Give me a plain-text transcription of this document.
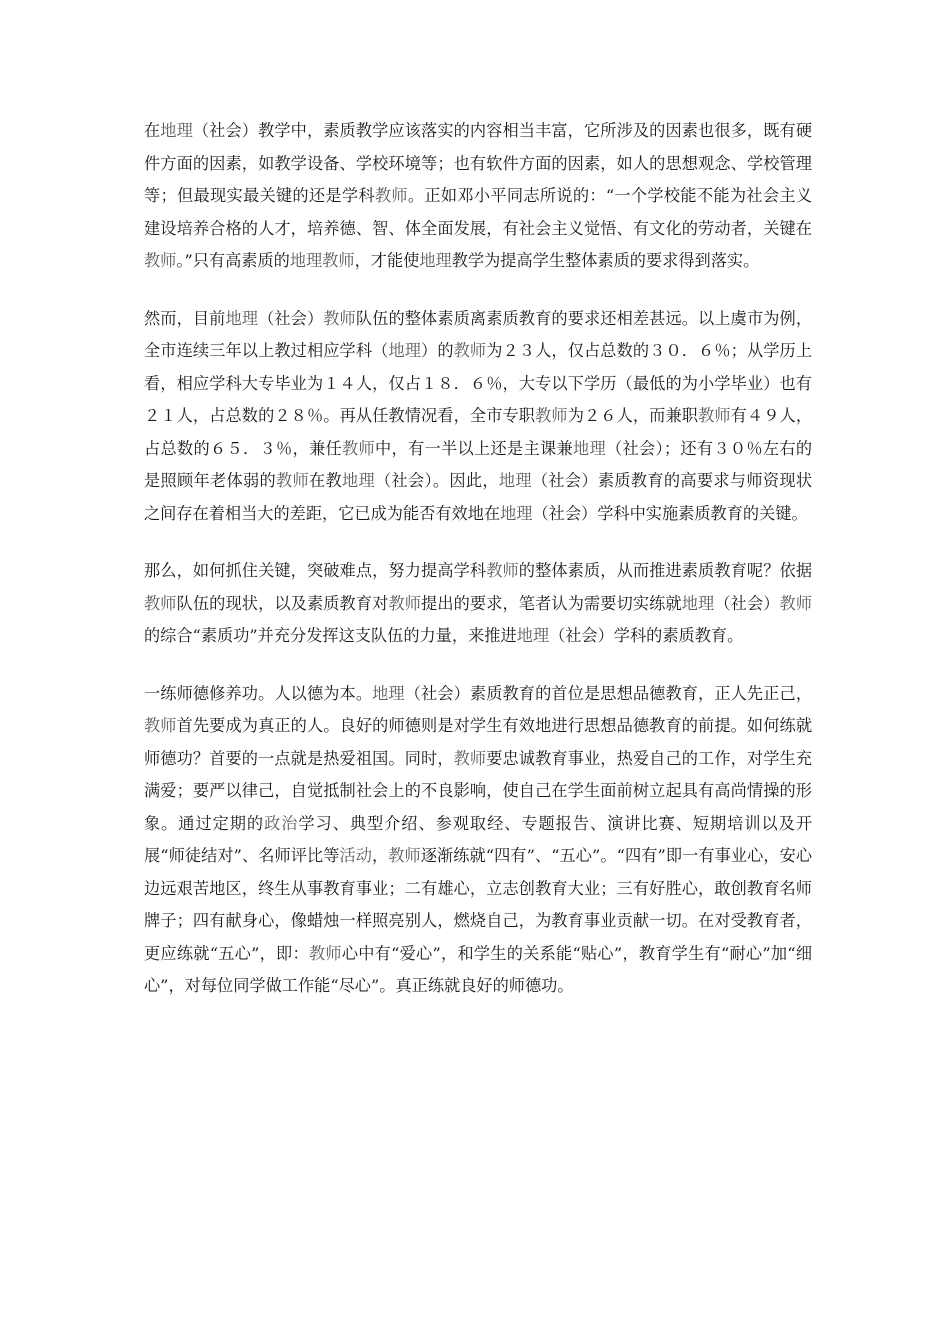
在地理（社会）教学中，素质教学应该落实的内容相当丰富，它所涉及的因素也很多，既有硬件方面的因素，如教学设备、学校环境等；也有软件方面的因素，如人的思想观念、学校管理等；但最现实最关键的还是学科教师。正如邓小平同志所说的：“一个学校能不能为社会主义建设培养合格的人才，培养德、智、体全面发展，有社会主义觉悟、有文化的劳动者，关键在教师。”只有高素质的地理教师，才能使地理教学为提高学生整体素质的要求得到落实。

然而，目前地理（社会）教师队伍的整体素质离素质教育的要求还相差甚远。以上虞市为例，全市连续三年以上教过相应学科（地理）的教师为２３人，仅占总数的３０．６％；从学历上看，相应学科大专毕业为１４人，仅占１８．６％，大专以下学历（最低的为小学毕业）也有２１人，占总数的２８％。再从任教情况看，全市专职教师为２６人，而兼职教师有４９人，占总数的６５．３％，兼任教师中，有一半以上还是主课兼地理（社会）；还有３０％左右的是照顾年老体弱的教师在教地理（社会）。因此，地理（社会）素质教育的高要求与师资现状之间存在着相当大的差距，它已成为能否有效地在地理（社会）学科中实施素质教育的关键。

那么，如何抓住关键，突破难点，努力提高学科教师的整体素质，从而推进素质教育呢？依据教师队伍的现状，以及素质教育对教师提出的要求，笔者认为需要切实练就地理（社会）教师的综合“素质功”并充分发挥这支队伍的力量，来推进地理（社会）学科的素质教育。

一练师德修养功。人以德为本。地理（社会）素质教育的首位是思想品德教育，正人先正己，教师首先要成为真正的人。良好的师德则是对学生有效地进行思想品德教育的前提。如何练就师德功？首要的一点就是热爱祖国。同时，教师要忠诚教育事业，热爱自己的工作，对学生充满爱；要严以律己，自觉抵制社会上的不良影响，使自己在学生面前树立起具有高尚情操的形象。通过定期的政治学习、典型介绍、参观取经、专题报告、演讲比赛、短期培训以及开展“师徒结对”、名师评比等活动，教师逐渐练就“四有”、“五心”。“四有”即一有事业心，安心边远艰苦地区，终生从事教育事业；二有雄心，立志创教育大业；三有好胜心，敢创教育名师牌子；四有献身心，像蜡烛一样照亮别人，燃烧自己，为教育事业贡献一切。在对受教育者，更应练就“五心”，即：教师心中有“爱心”，和学生的关系能“贴心”，教育学生有“耐心”加“细心”，对每位同学做工作能“尽心”。真正练就良好的师德功。
